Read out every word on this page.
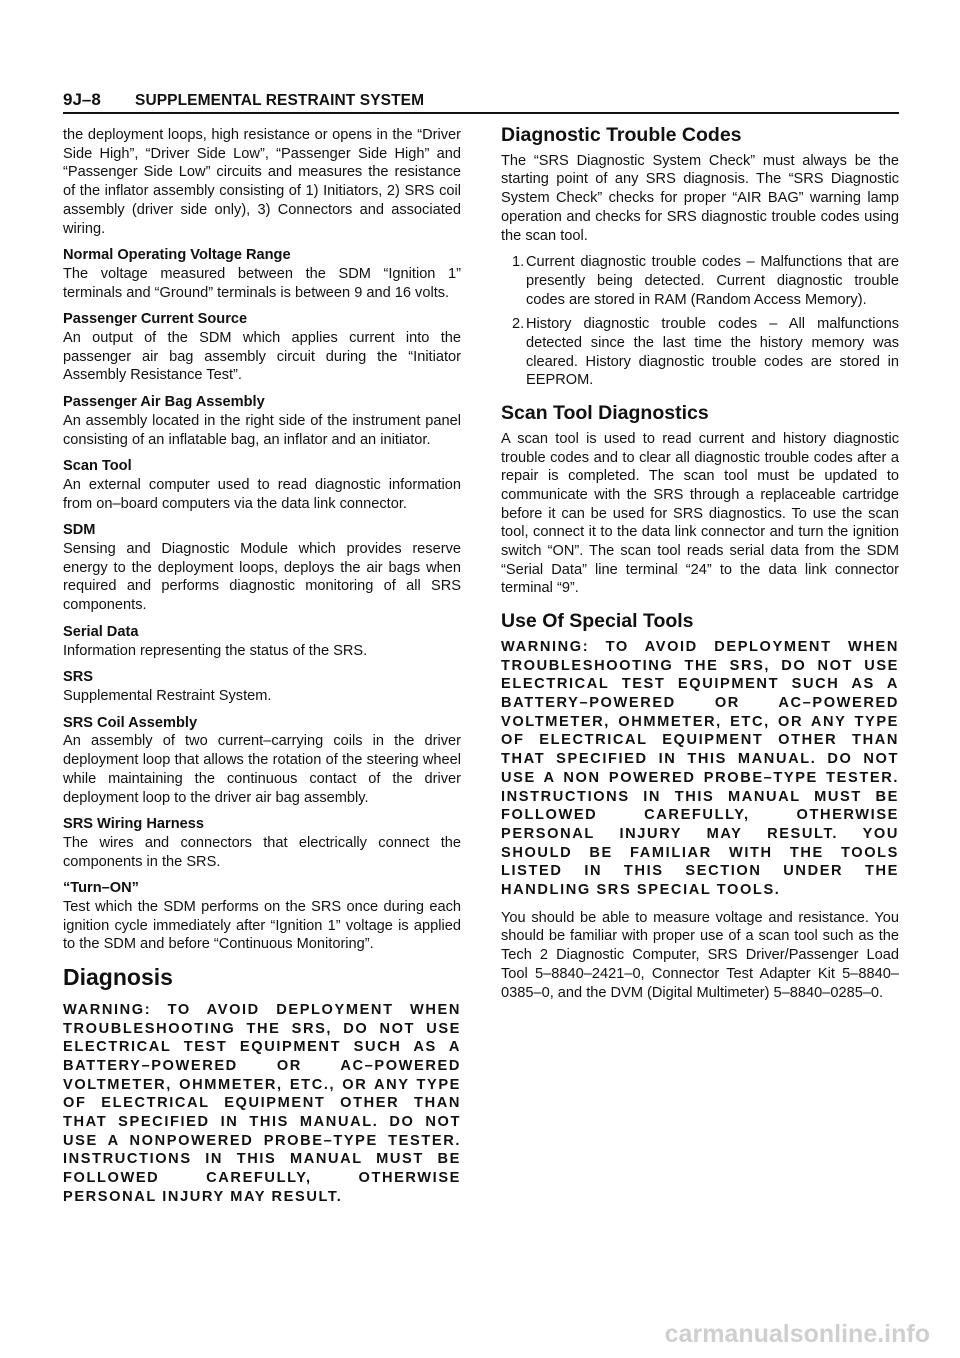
9J–8 SUPPLEMENTAL RESTRAINT SYSTEM

the deployment loops, high resistance or opens in the “Driver Side High”, “Driver Side Low”, “Passenger Side High” and “Passenger Side Low” circuits and measures the resistance of the inflator assembly consisting of 1) Initiators, 2) SRS coil assembly (driver side only), 3) Connectors and associated wiring.

Normal Operating Voltage Range
The voltage measured between the SDM “Ignition 1” terminals and “Ground” terminals is between 9 and 16 volts.
Passenger Current Source
An output of the SDM which applies current into the passenger air bag assembly circuit during the “Initiator Assembly Resistance Test”.
Passenger Air Bag Assembly
An assembly located in the right side of the instrument panel consisting of an inflatable bag, an inflator and an initiator.
Scan Tool
An external computer used to read diagnostic information from on–board computers via the data link connector.
SDM
Sensing and Diagnostic Module which provides reserve energy to the deployment loops, deploys the air bags when required and performs diagnostic monitoring of all SRS components.
Serial Data
Information representing the status of the SRS.
SRS
Supplemental Restraint System.
SRS Coil Assembly
An assembly of two current–carrying coils in the driver deployment loop that allows the rotation of the steering wheel while maintaining the continuous contact of the driver deployment loop to the driver air bag assembly.
SRS Wiring Harness
The wires and connectors that electrically connect the components in the SRS.
“Turn–ON”
Test which the SDM performs on the SRS once during each ignition cycle immediately after “Ignition 1” voltage is applied to the SDM and before “Continuous Monitoring”.
Diagnosis

WARNING: TO AVOID DEPLOYMENT WHEN TROUBLESHOOTING THE SRS, DO NOT USE ELECTRICAL TEST EQUIPMENT SUCH AS A BATTERY–POWERED OR AC–POWERED VOLTMETER, OHMMETER, ETC., OR ANY TYPE OF ELECTRICAL EQUIPMENT OTHER THAN THAT SPECIFIED IN THIS MANUAL. DO NOT USE A NONPOWERED PROBE–TYPE TESTER. INSTRUCTIONS IN THIS MANUAL MUST BE FOLLOWED CAREFULLY, OTHERWISE PERSONAL INJURY MAY RESULT.

Diagnostic Trouble Codes

The “SRS Diagnostic System Check” must always be the starting point of any SRS diagnosis. The “SRS Diagnostic System Check” checks for proper “AIR BAG” warning lamp operation and checks for SRS diagnostic trouble codes using the scan tool.

1. Current diagnostic trouble codes – Malfunctions that are presently being detected. Current diagnostic trouble codes are stored in RAM (Random Access Memory).
2. History diagnostic trouble codes – All malfunctions detected since the last time the history memory was cleared. History diagnostic trouble codes are stored in EEPROM.
Scan Tool Diagnostics

A scan tool is used to read current and history diagnostic trouble codes and to clear all diagnostic trouble codes after a repair is completed. The scan tool must be updated to communicate with the SRS through a replaceable cartridge before it can be used for SRS diagnostics. To use the scan tool, connect it to the data link connector and turn the ignition switch “ON”. The scan tool reads serial data from the SDM “Serial Data” line terminal “24” to the data link connector terminal “9”.

Use Of Special Tools

WARNING: TO AVOID DEPLOYMENT WHEN TROUBLESHOOTING THE SRS, DO NOT USE ELECTRICAL TEST EQUIPMENT SUCH AS A BATTERY–POWERED OR AC–POWERED VOLTMETER, OHMMETER, ETC, OR ANY TYPE OF ELECTRICAL EQUIPMENT OTHER THAN THAT SPECIFIED IN THIS MANUAL. DO NOT USE A NON POWERED PROBE–TYPE TESTER. INSTRUCTIONS IN THIS MANUAL MUST BE FOLLOWED CAREFULLY, OTHERWISE PERSONAL INJURY MAY RESULT. YOU SHOULD BE FAMILIAR WITH THE TOOLS LISTED IN THIS SECTION UNDER THE HANDLING SRS SPECIAL TOOLS.

You should be able to measure voltage and resistance. You should be familiar with proper use of a scan tool such as the Tech 2 Diagnostic Computer, SRS Driver/Passenger Load Tool 5–8840–2421–0, Connector Test Adapter Kit 5–8840–0385–0, and the DVM (Digital Multimeter) 5–8840–0285–0.

carmanualsonline.info
